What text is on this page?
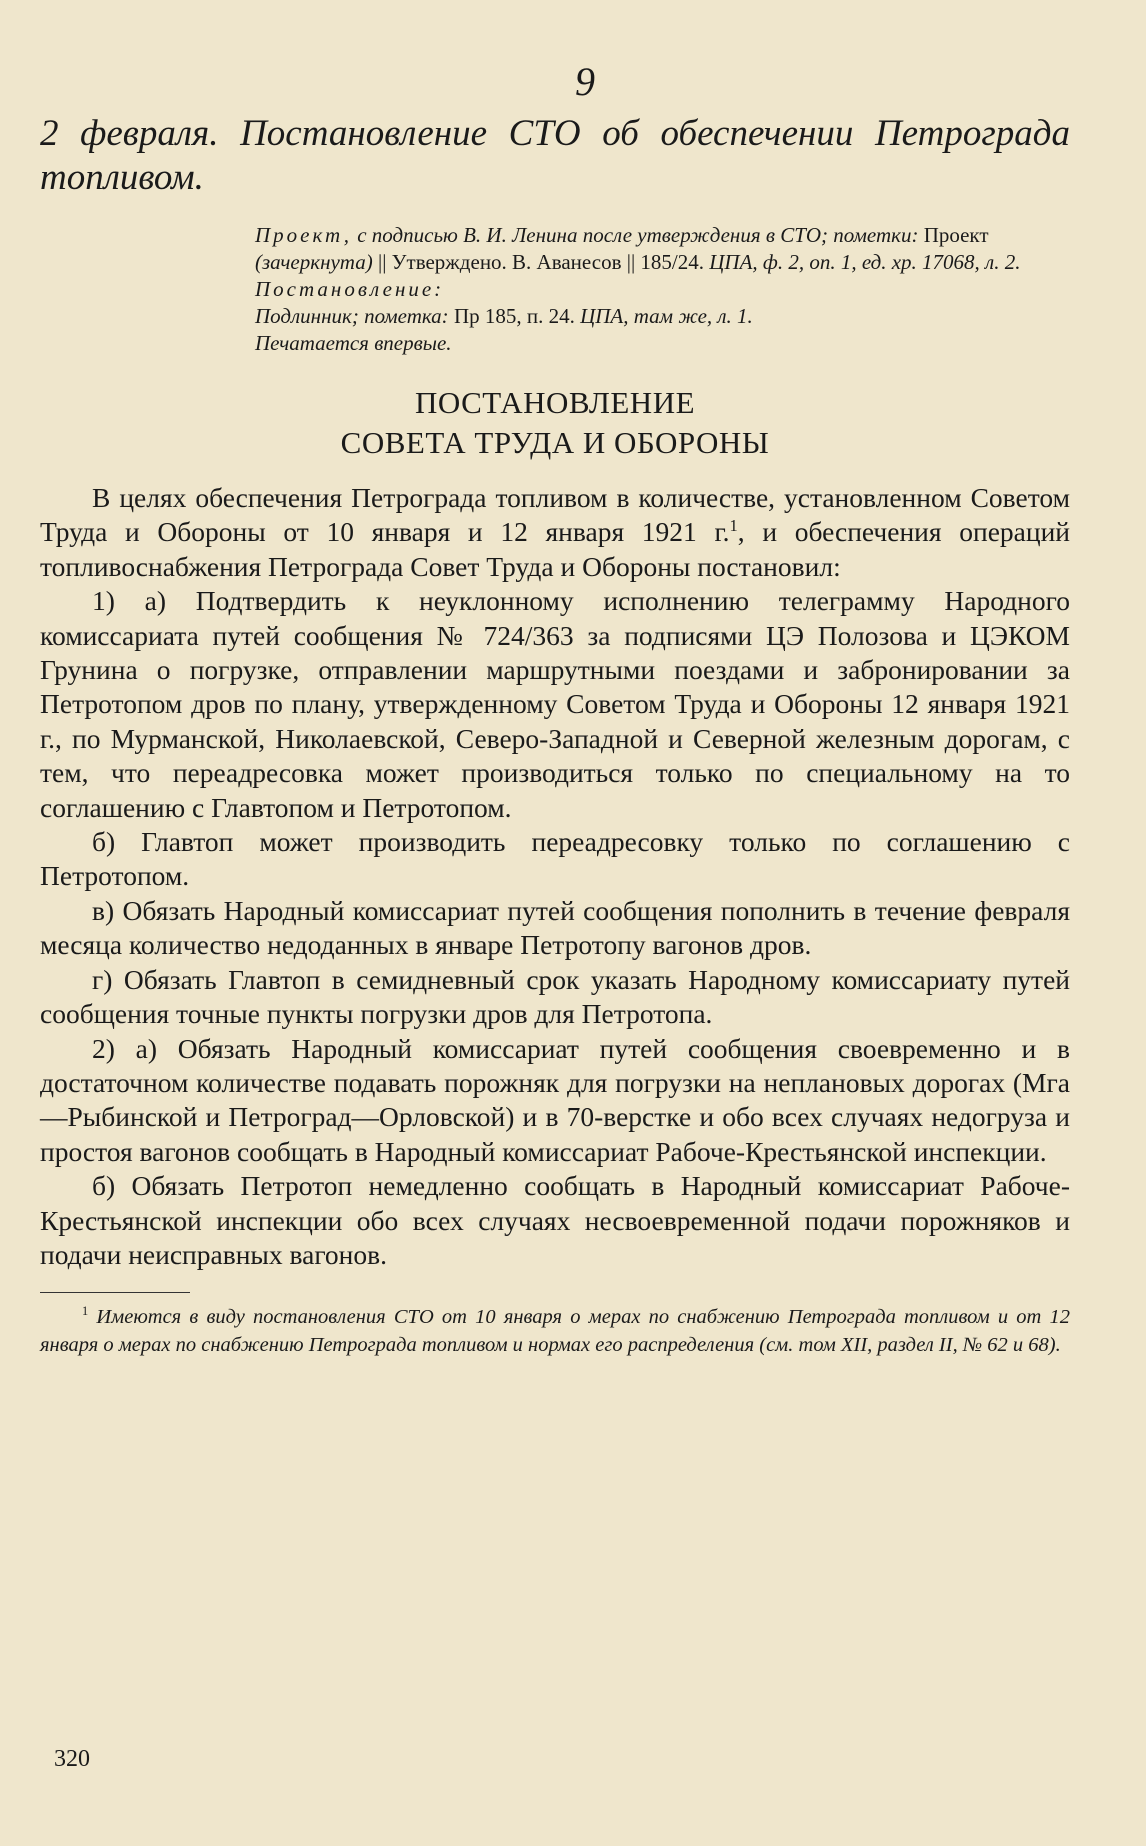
9
2 февраля. Постановление СТО об обеспечении Петрограда топливом.
Проект, с подписью В. И. Ленина после утверждения в СТО; пометки: Проект (зачеркнута) || Утверждено. В. Аванесов || 185/24. ЦПА, ф. 2, оп. 1, ед. хр. 17068, л. 2.
Постановление:
Подлинник; пометка: Пр 185, п. 24. ЦПА, там же, л. 1.
Печатается впервые.
ПОСТАНОВЛЕНИЕ
СОВЕТА ТРУДА И ОБОРОНЫ

В целях обеспечения Петрограда топливом в количестве, установленном Советом Труда и Обороны от 10 января и 12 января 1921 г.$^1$, и обеспечения операций топливоснабжения Петрограда Совет Труда и Обороны постановил:

1) а) Подтвердить к неуклонному исполнению телеграмму Народного комиссариата путей сообщения № 724/363 за подписями ЦЭ Полозова и ЦЭКОМ Грунина о погрузке, отправлении маршрутными поездами и забронировании за Петротопом дров по плану, утвержденному Советом Труда и Обороны 12 января 1921 г., по Мурманской, Николаевской, Северо-Западной и Северной железным дорогам, с тем, что переадресовка может производиться только по специальному на то соглашению с Главтопом и Петротопом.

б) Главтоп может производить переадресовку только по соглашению с Петротопом.

в) Обязать Народный комиссариат путей сообщения пополнить в течение февраля месяца количество недоданных в январе Петротопу вагонов дров.

г) Обязать Главтоп в семидневный срок указать Народному комиссариату путей сообщения точные пункты погрузки дров для Петротопа.

2) а) Обязать Народный комиссариат путей сообщения своевременно и в достаточном количестве подавать порожняк для погрузки на неплановых дорогах (Мга—Рыбинской и Петроград—Орловской) и в 70-верстке и обо всех случаях недогруза и простоя вагонов сообщать в Народный комиссариат Рабоче-Крестьянской инспекции.

б) Обязать Петротоп немедленно сообщать в Народный комиссариат Рабоче-Крестьянской инспекции обо всех случаях несвоевременной подачи порожняков и подачи неисправных вагонов.

$^1$ Имеются в виду постановления СТО от 10 января о мерах по снабжению Петрограда топливом и от 12 января о мерах по снабжению Петрограда топливом и нормах его распределения (см. том XII, раздел II, № 62 и 68).
320
